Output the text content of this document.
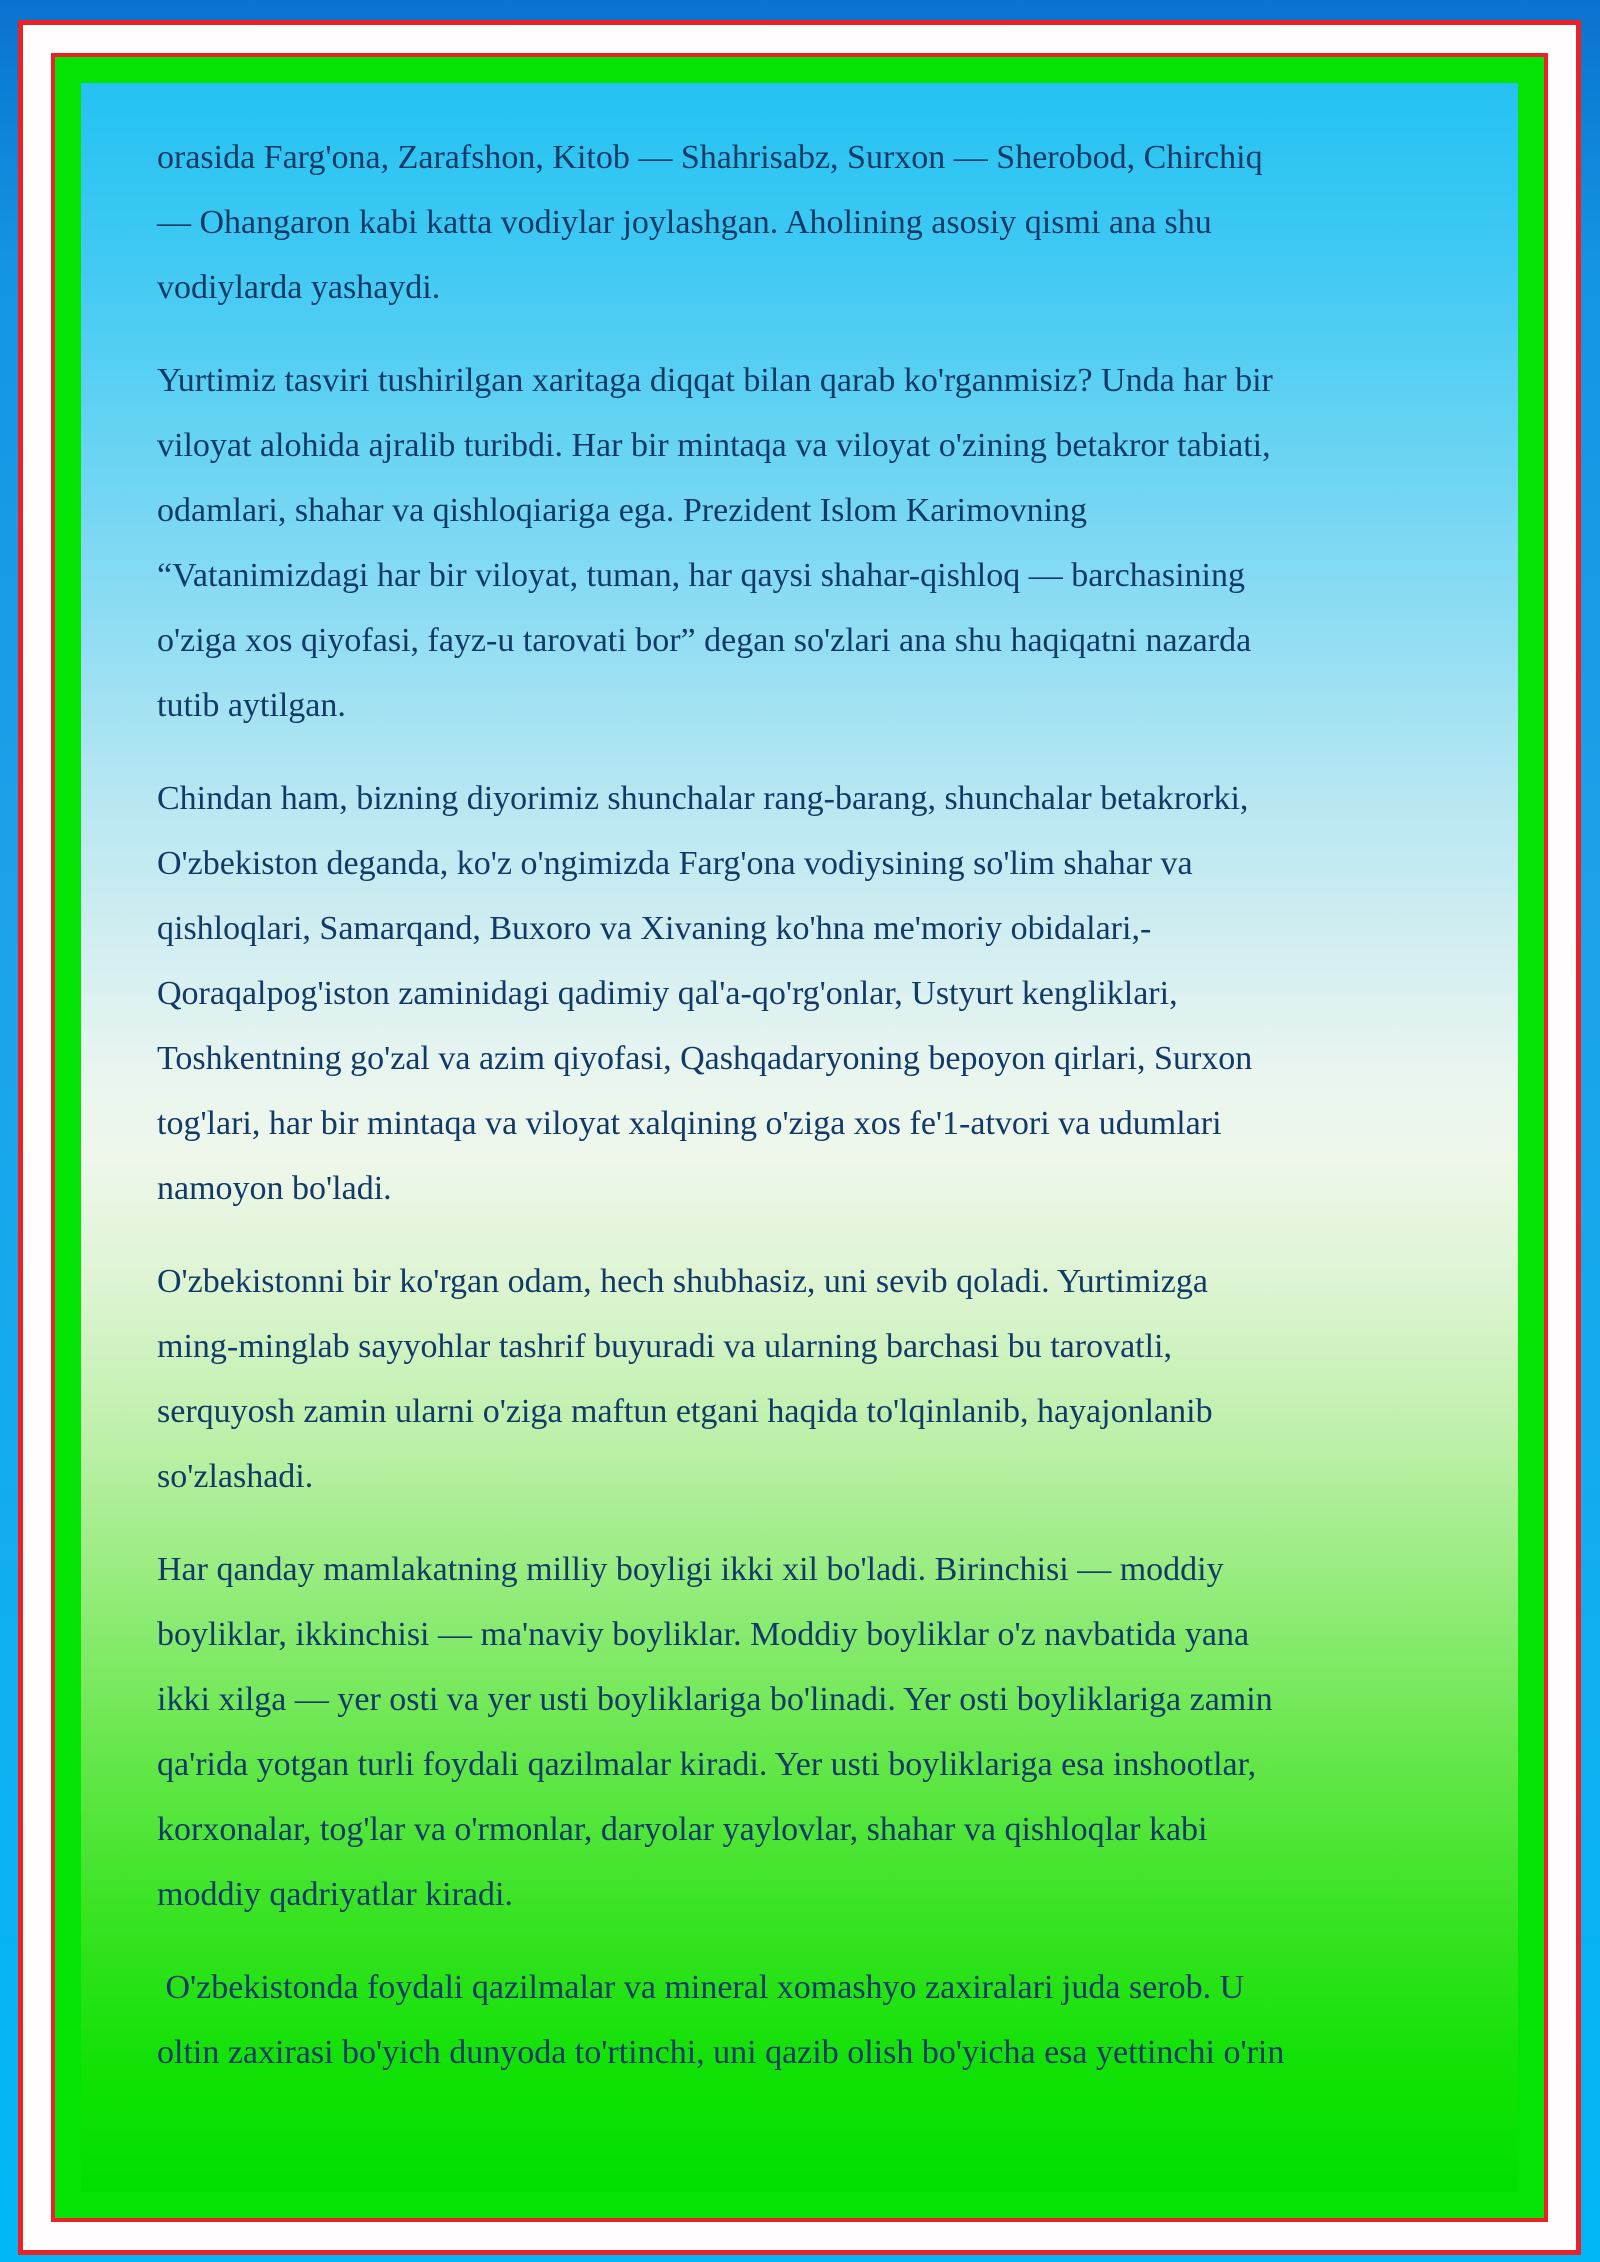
orasida Farg'ona, Zarafshon, Kitob — Shahrisabz, Surxon — Sherobod, Chirchiq
— Ohangaron kabi katta vodiylar joylashgan. Aholining asosiy qismi ana shu
vodiylarda yashaydi.
Yurtimiz tasviri tushirilgan xaritaga diqqat bilan qarab ko'rganmisiz? Unda har bir
viloyat alohida ajralib turibdi. Har bir mintaqa va viloyat o'zining betakror tabiati,
odamlari, shahar va qishloqiariga ega. Prezident Islom Karimovning
“Vatanimizdagi har bir viloyat, tuman, har qaysi shahar-qishloq — barchasining
o'ziga xos qiyofasi, fayz-u tarovati bor” degan so'zlari ana shu haqiqatni nazarda
tutib aytilgan.
Chindan ham, bizning diyorimiz shunchalar rang-barang, shunchalar betakrorki,
O'zbekiston deganda, ko'z o'ngimizda Farg'ona vodiysining so'lim shahar va
qishloqlari, Samarqand, Buxoro va Xivaning ko'hna me'moriy obidalari,-
Qoraqalpog'iston zaminidagi qadimiy qal'a-qo'rg'onlar, Ustyurt kengliklari,
Toshkentning go'zal va azim qiyofasi, Qashqadaryoning bepoyon qirlari, Surxon
tog'lari, har bir mintaqa va viloyat xalqining o'ziga xos fe'1-atvori va udumlari
namoyon bo'ladi.
O'zbekistonni bir ko'rgan odam, hech shubhasiz, uni sevib qoladi. Yurtimizga
ming-minglab sayyohlar tashrif buyuradi va ularning barchasi bu tarovatli,
serquyosh zamin ularni o'ziga maftun etgani haqida to'lqinlanib, hayajonlanib
so'zlashadi.
Har qanday mamlakatning milliy boyligi ikki xil bo'ladi. Birinchisi — moddiy
boyliklar, ikkinchisi — ma'naviy boyliklar. Moddiy boyliklar o'z navbatida yana
ikki xilga — yer osti va yer usti boyliklariga bo'linadi. Yer osti boyliklariga zamin
qa'rida yotgan turli foydali qazilmalar kiradi. Yer usti boyliklariga esa inshootlar,
korxonalar, tog'lar va o'rmonlar, daryolar yaylovlar, shahar va qishloqlar kabi
moddiy qadriyatlar kiradi.
O'zbekistonda foydali qazilmalar va mineral xomashyo zaxiralari juda serob. U
oltin zaxirasi bo'yich dunyoda to'rtinchi, uni qazib olish bo'yicha esa yettinchi o'rin
